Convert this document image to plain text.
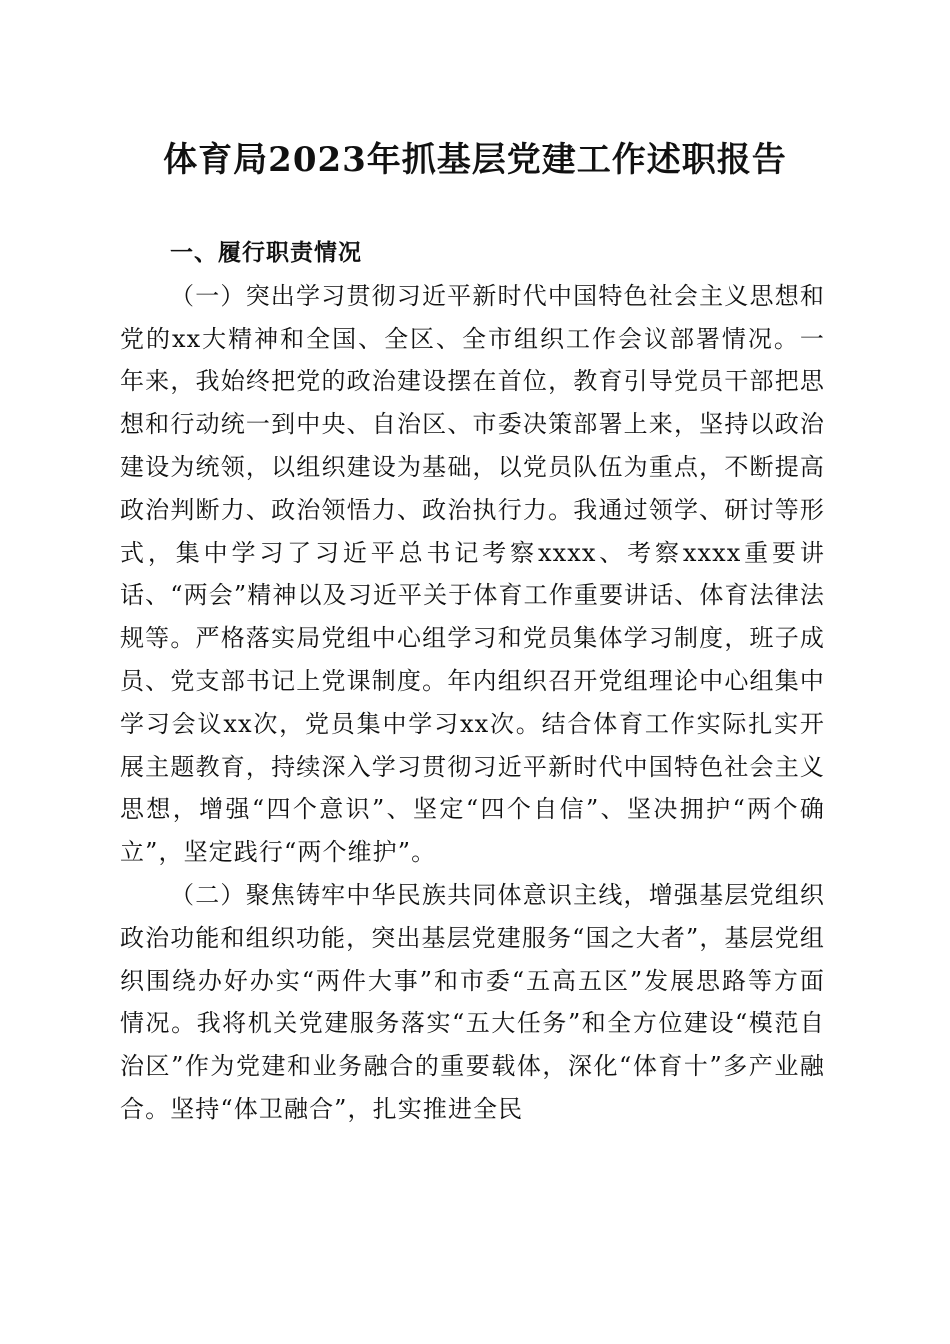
体育局2023年抓基层党建工作述职报告

一、履行职责情况

（一）突出学习贯彻习近平新时代中国特色社会主义思想和党的xx大精神和全国、全区、全市组织工作会议部署情况。一年来，我始终把党的政治建设摆在首位，教育引导党员干部把思想和行动统一到中央、自治区、市委决策部署上来，坚持以政治建设为统领，以组织建设为基础，以党员队伍为重点，不断提高政治判断力、政治领悟力、政治执行力。我通过领学、研讨等形式，集中学习了习近平总书记考察xxxx、考察xxxx重要讲话、“两会”精神以及习近平关于体育工作重要讲话、体育法律法规等。严格落实局党组中心组学习和党员集体学习制度，班子成员、党支部书记上党课制度。年内组织召开党组理论中心组集中学习会议xx次，党员集中学习xx次。结合体育工作实际扎实开展主题教育，持续深入学习贯彻习近平新时代中国特色社会主义思想，增强“四个意识”、坚定“四个自信”、坚决拥护“两个确立”，坚定践行“两个维护”。

（二）聚焦铸牢中华民族共同体意识主线，增强基层党组织政治功能和组织功能，突出基层党建服务“国之大者”，基层党组织围绕办好办实“两件大事”和市委“五高五区”发展思路等方面情况。我将机关党建服务落实“五大任务”和全方位建设“模范自治区”作为党建和业务融合的重要载体，深化“体育十”多产业融合。坚持“体卫融合”，扎实推进全民
